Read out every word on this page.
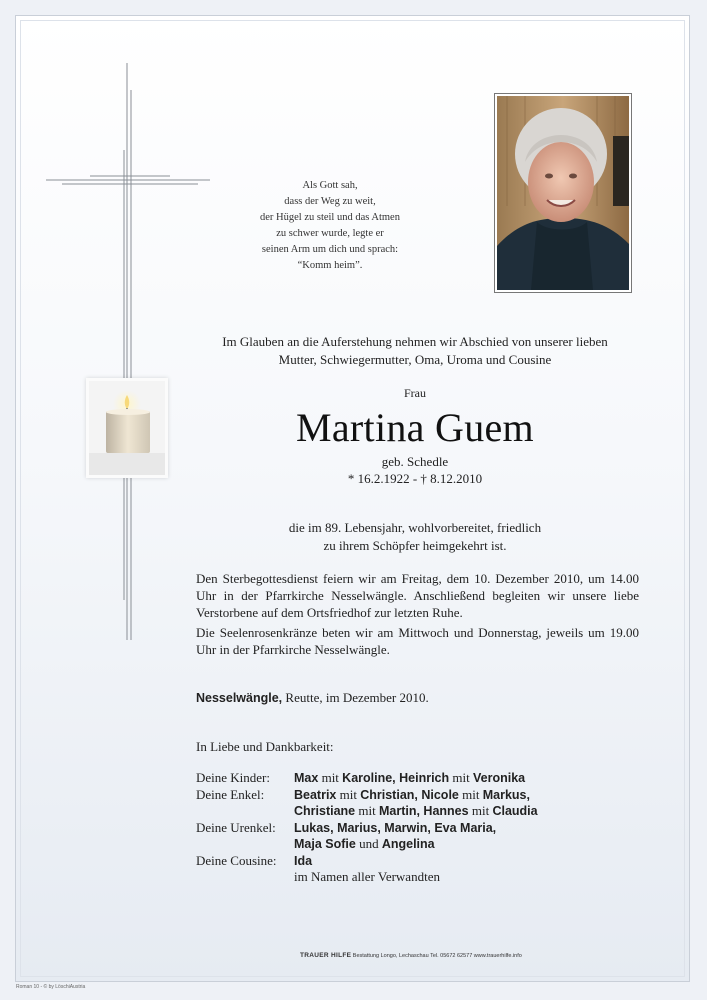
Als Gott sah,
dass der Weg zu weit,
der Hügel zu steil und das Atmen
zu schwer wurde, legte er
seinen Arm um dich und sprach:
“Komm heim”.
Im Glauben an die Auferstehung nehmen wir Abschied von unserer lieben
Mutter, Schwiegermutter, Oma, Uroma und Cousine
Frau
Martina Guem
geb. Schedle
* 16.2.1922 - † 8.12.2010
die im 89. Lebensjahr, wohlvorbereitet, friedlich
zu ihrem Schöpfer heimgekehrt ist.

Den Sterbegottesdienst feiern wir am Freitag, dem 10. Dezember 2010, um 14.00 Uhr in der Pfarrkirche Nesselwängle. Anschließend begleiten wir unsere liebe Verstorbene auf dem Ortsfriedhof zur letzten Ruhe.

Die Seelenrosenkränze beten wir am Mittwoch und Donnerstag, jeweils um 19.00 Uhr in der Pfarrkirche Nesselwängle.

Nesselwängle, Reutte, im Dezember 2010.
In Liebe und Dankbarkeit:
Deine Kinder:	Max mit Karoline, Heinrich mit Veronika
Deine Enkel:	Beatrix mit Christian, Nicole mit Markus,
Christiane mit Martin, Hannes mit Claudia
Deine Urenkel:	Lukas, Marius, Marwin, Eva Maria,
Maja Sofie und Angelina
Deine Cousine:	Ida
im Namen aller Verwandten
TRAUER HILFE Bestattung Longo, Lechaschau Tel. 05672 62577 www.trauerhilfe.info
Roman 10 - © by LöschiAustria
